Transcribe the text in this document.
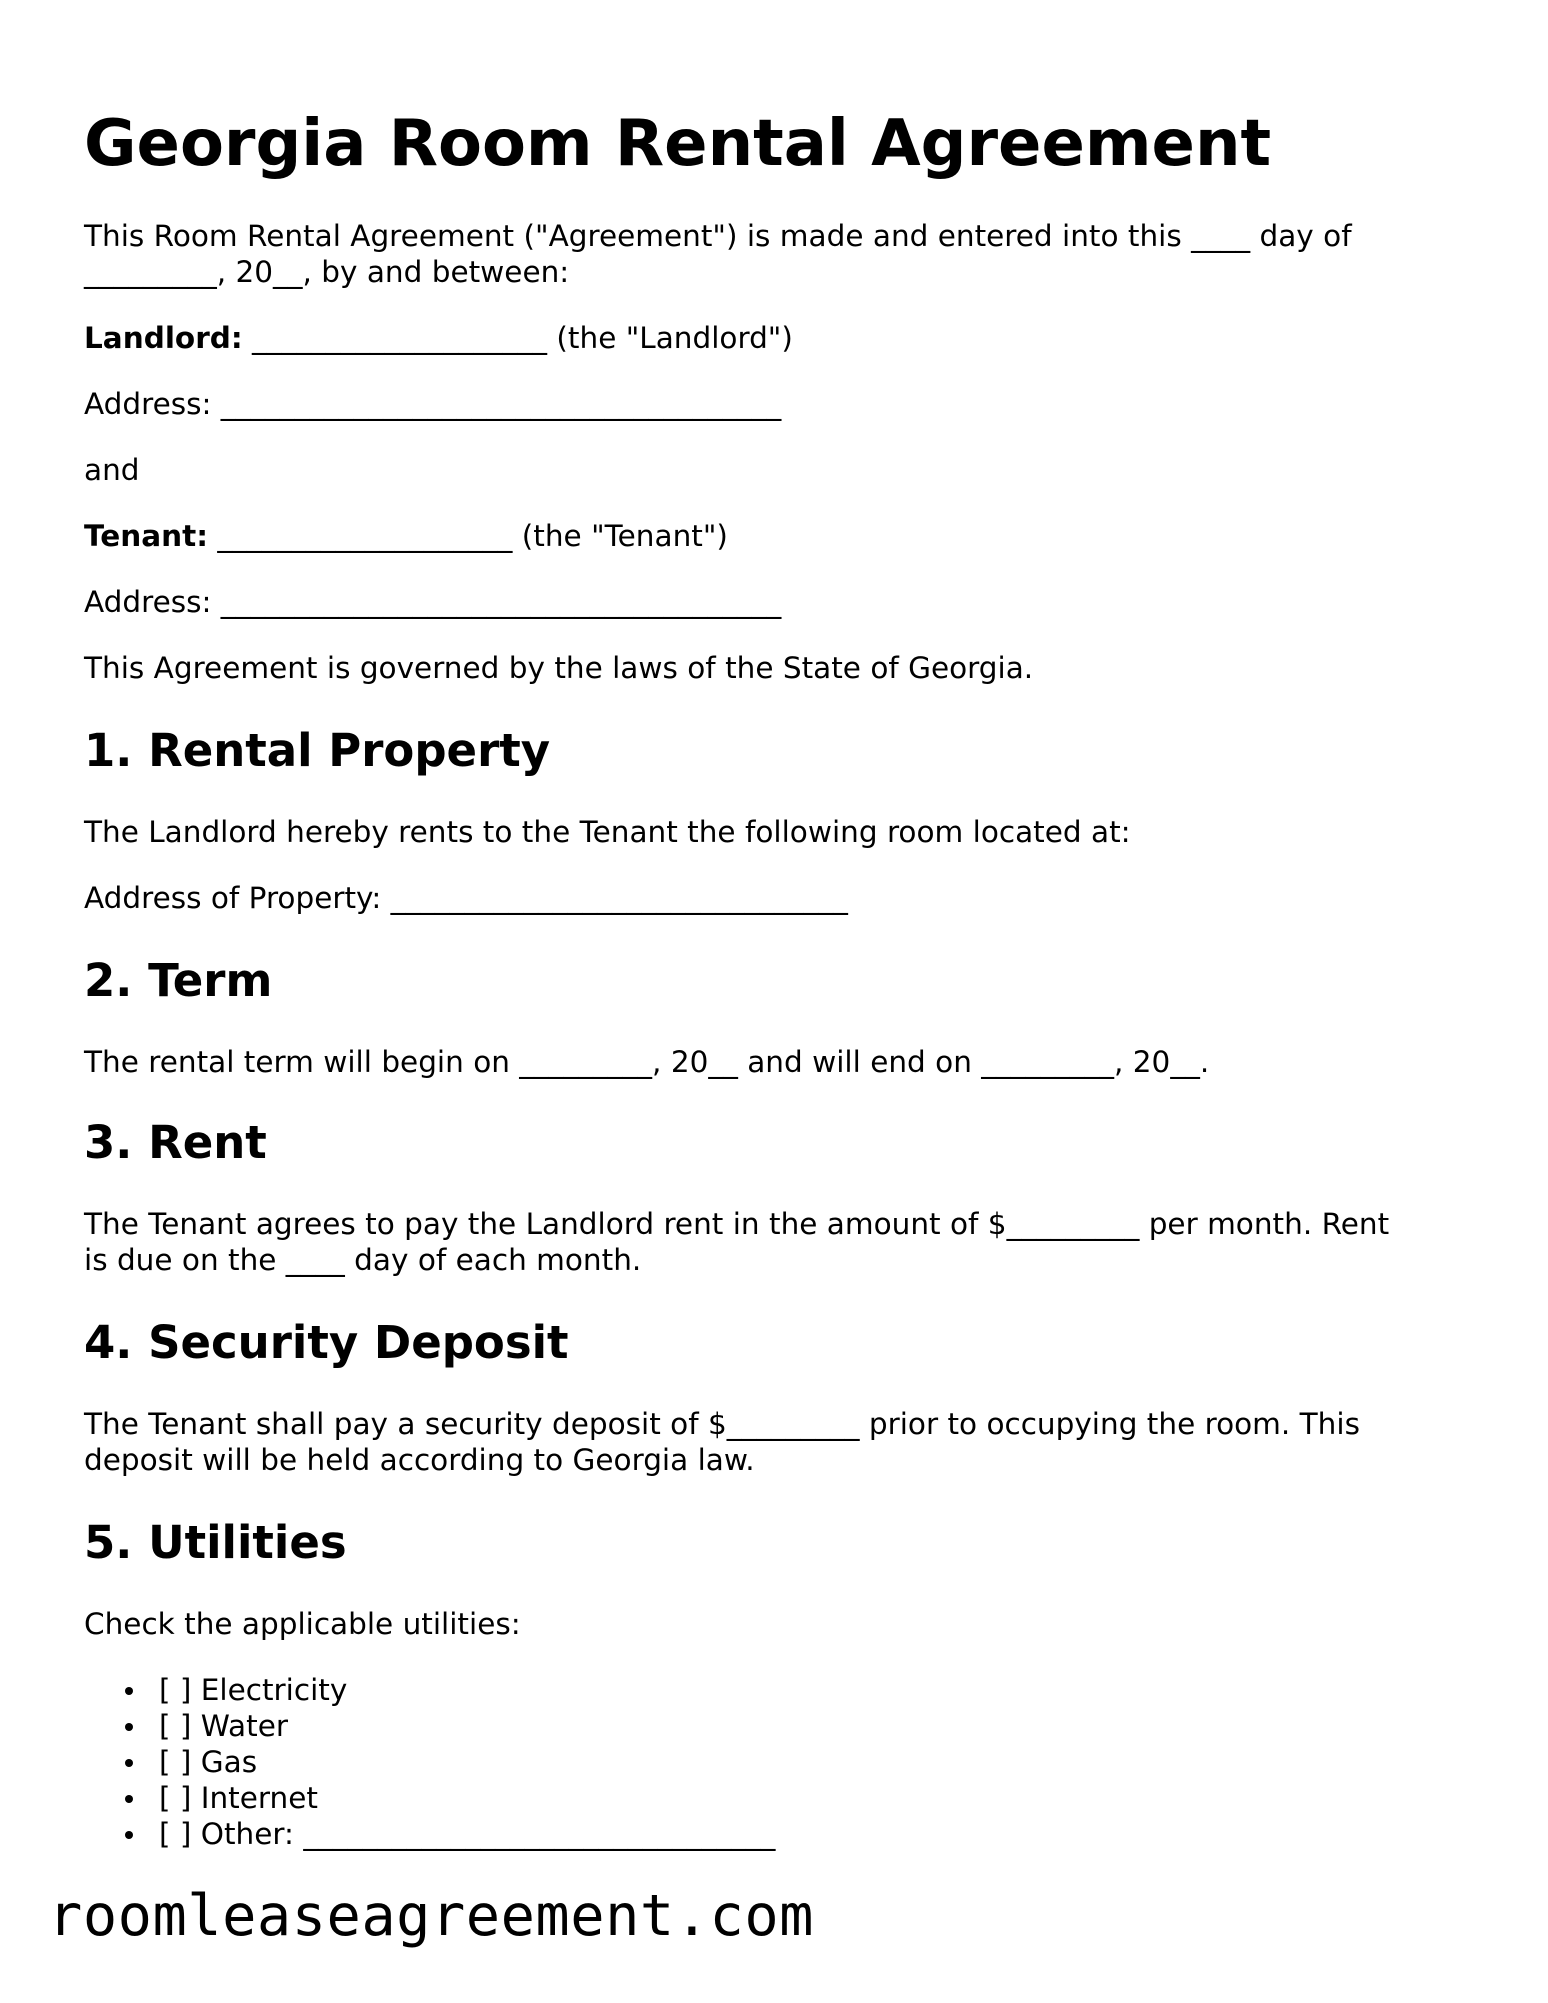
Georgia Room Rental Agreement

This Room Rental Agreement ("Agreement") is made and entered into this ____ day of

_________, 20__, by and between:

Landlord: ____________________ (the "Landlord")

Address: ______________________________________

and

Tenant: ____________________ (the "Tenant")

Address: ______________________________________

This Agreement is governed by the laws of the State of Georgia.

1. Rental Property

The Landlord hereby rents to the Tenant the following room located at:

Address of Property: _______________________________

2. Term

The rental term will begin on _________, 20__ and will end on _________, 20__.

3. Rent

The Tenant agrees to pay the Landlord rent in the amount of $_________ per month. Rent

is due on the ____ day of each month.

4. Security Deposit

The Tenant shall pay a security deposit of $_________ prior to occupying the room. This

deposit will be held according to Georgia law.

5. Utilities

Check the applicable utilities:

[ ] Electricity
[ ] Water
[ ] Gas
[ ] Internet
[ ] Other: ________________________________

roomleaseagreement.com
